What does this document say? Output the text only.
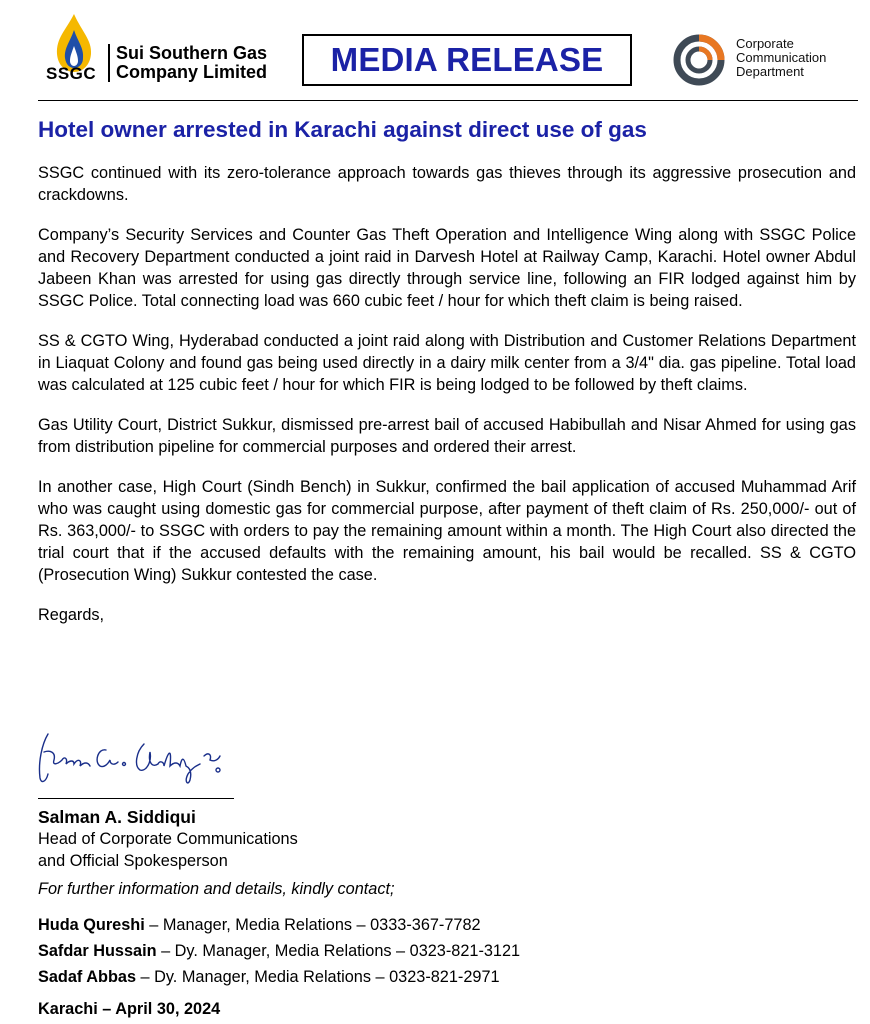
SSGC
Sui Southern Gas
Company Limited MEDIA RELEASE	Corporate
Communication
Department
Hotel owner arrested in Karachi against direct use of gas

SSGC continued with its zero-tolerance approach towards gas thieves through its aggressive prosecution and crackdowns.

Company’s Security Services and Counter Gas Theft Operation and Intelligence Wing along with SSGC Police and Recovery Department conducted a joint raid in Darvesh Hotel at Railway Camp, Karachi. Hotel owner Abdul Jabeen Khan was arrested for using gas directly through service line, following an FIR lodged against him by SSGC Police. Total connecting load was 660 cubic feet / hour for which theft claim is being raised.

SS & CGTO Wing, Hyderabad conducted a joint raid along with Distribution and Customer Relations Department in Liaquat Colony and found gas being used directly in a dairy milk center from a 3/4" dia. gas pipeline. Total load was calculated at 125 cubic feet / hour for which FIR is being lodged to be followed by theft claims.

Gas Utility Court, District Sukkur, dismissed pre-arrest bail of accused Habibullah and Nisar Ahmed for using gas from distribution pipeline for commercial purposes and ordered their arrest.

In another case, High Court (Sindh Bench) in Sukkur, confirmed the bail application of accused Muhammad Arif who was caught using domestic gas for commercial purpose, after payment of theft claim of Rs. 250,000/- out of Rs. 363,000/- to SSGC with orders to pay the remaining amount within a month. The High Court also directed the trial court that if the accused defaults with the remaining amount, his bail would be recalled. SS & CGTO (Prosecution Wing) Sukkur contested the case.

Regards,
Salman A. Siddiqui
Head of Corporate Communications
and Official Spokesperson
For further information and details, kindly contact;
Huda Qureshi – Manager, Media Relations – 0333-367-7782
Safdar Hussain – Dy. Manager, Media Relations – 0323-821-3121
Sadaf Abbas – Dy. Manager, Media Relations – 0323-821-2971
Karachi – April 30, 2024
